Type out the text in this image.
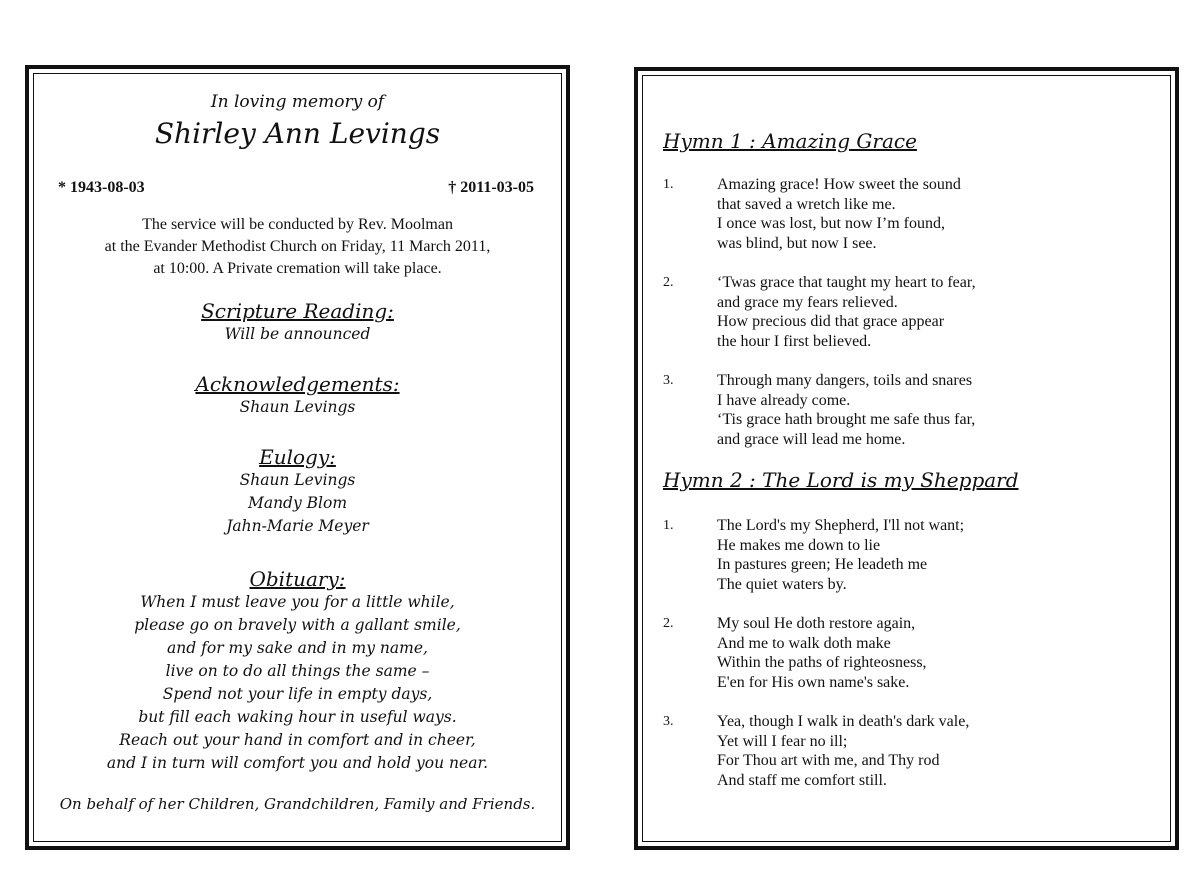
In loving memory of
Shirley Ann Levings
* 1943-08-03	† 2011-03-05
The service will be conducted by Rev. Moolman
at the Evander Methodist Church on Friday, 11 March 2011,
at 10:00. A Private cremation will take place.
Scripture Reading:
Will be announced
Acknowledgements:
Shaun Levings
Eulogy:
Shaun Levings
Mandy Blom
Jahn-Marie Meyer
Obituary:
When I must leave you for a little while,
please go on bravely with a gallant smile,
and for my sake and in my name,
live on to do all things the same –
Spend not your life in empty days,
but fill each waking hour in useful ways.
Reach out your hand in comfort and in cheer,
and I in turn will comfort you and hold you near.
On behalf of her Children, Grandchildren, Family and Friends.
Hymn 1 : Amazing Grace
1.	Amazing grace! How sweet the sound
that saved a wretch like me.
I once was lost, but now I’m found,
was blind, but now I see.
2.	‘Twas grace that taught my heart to fear,
and grace my fears relieved.
How precious did that grace appear
the hour I first believed.
3.	Through many dangers, toils and snares
I have already come.
‘Tis grace hath brought me safe thus far,
and grace will lead me home.
Hymn 2 : The Lord is my Sheppard
1.	The Lord's my Shepherd, I'll not want;
He makes me down to lie
In pastures green; He leadeth me
The quiet waters by.
2.	My soul He doth restore again,
And me to walk doth make
Within the paths of righteosness,
E'en for His own name's sake.
3.	Yea, though I walk in death's dark vale,
Yet will I fear no ill;
For Thou art with me, and Thy rod
And staff me comfort still.
